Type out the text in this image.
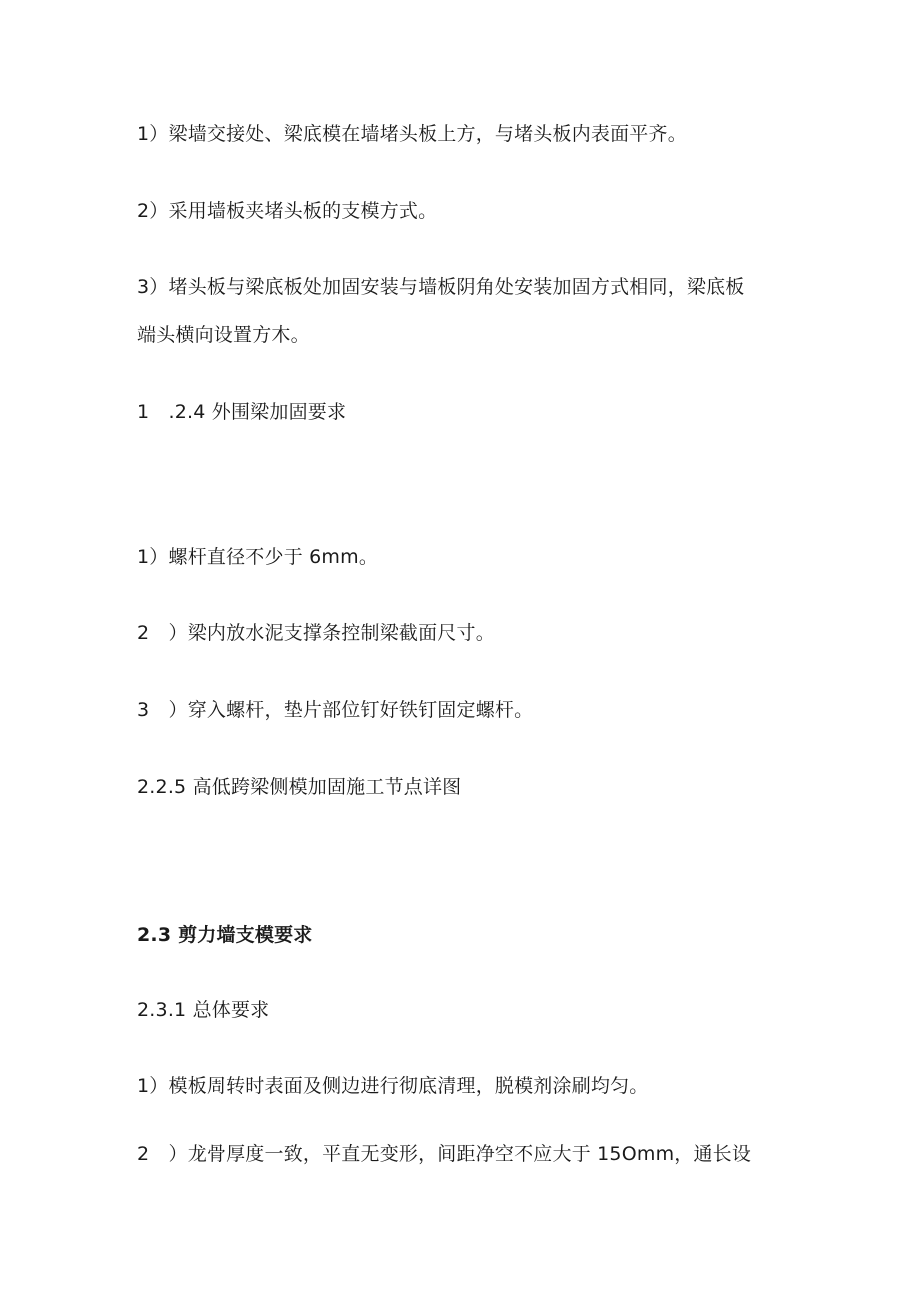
1）梁墙交接处、梁底模在墙堵头板上方，与堵头板内表面平齐。
2）采用墙板夹堵头板的支模方式。
3）堵头板与梁底板处加固安装与墙板阴角处安装加固方式相同，梁底板
端头横向设置方木。
1　.2.4 外围梁加固要求
1）螺杆直径不少于 6mm。
2　）梁内放水泥支撑条控制梁截面尺寸。
3　）穿入螺杆，垫片部位钉好铁钉固定螺杆。
2.2.5 高低跨梁侧模加固施工节点详图
2.3 剪力墙支模要求
2.3.1 总体要求
1）模板周转时表面及侧边进行彻底清理，脱模剂涂刷均匀。
2　）龙骨厚度一致，平直无变形，间距净空不应大于 15Omm，通长设
